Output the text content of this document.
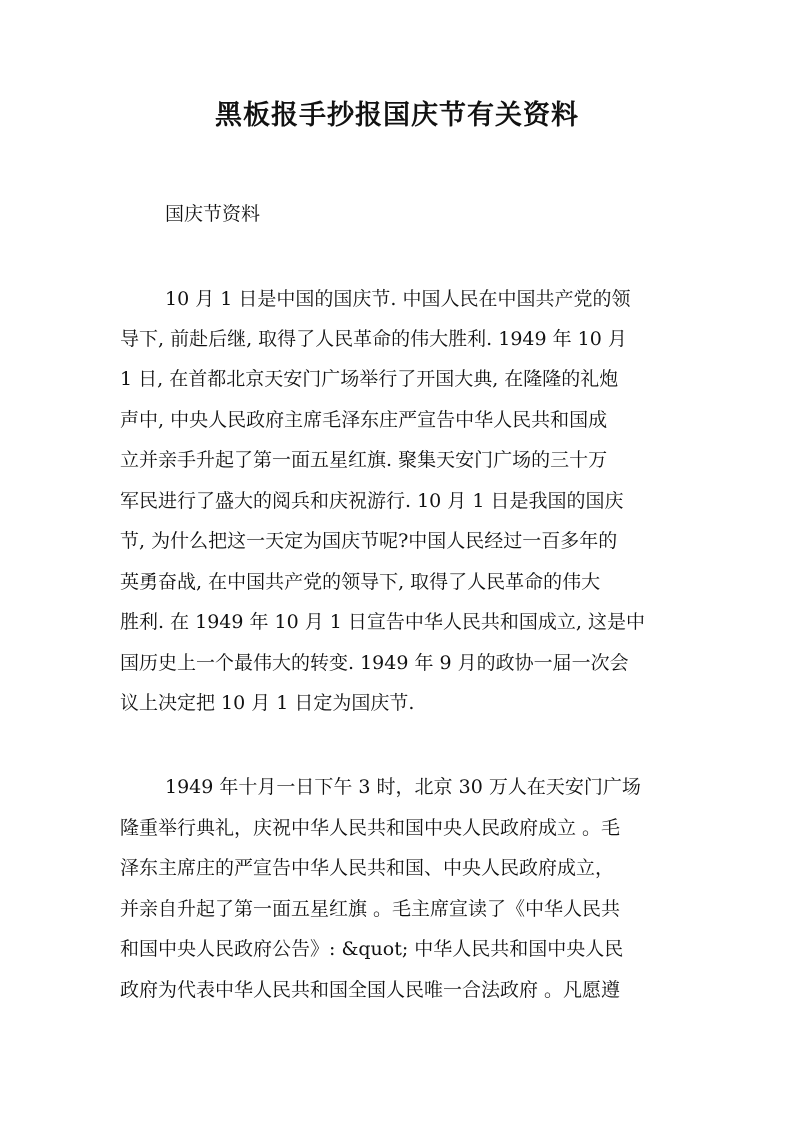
黑板报手抄报国庆节有关资料

国庆节资料

10 月 1 日是中国的国庆节. 中国人民在中国共产党的领

导下, 前赴后继, 取得了人民革命的伟大胜利. 1949 年 10 月

1 日, 在首都北京天安门广场举行了开国大典, 在隆隆的礼炮

声中, 中央人民政府主席毛泽东庄严宣告中华人民共和国成

立并亲手升起了第一面五星红旗. 聚集天安门广场的三十万

军民进行了盛大的阅兵和庆祝游行. 10 月 1 日是我国的国庆

节, 为什么把这一天定为国庆节呢?中国人民经过一百多年的

英勇奋战, 在中国共产党的领导下, 取得了人民革命的伟大

胜利. 在 1949 年 10 月 1 日宣告中华人民共和国成立, 这是中

国历史上一个最伟大的转变. 1949 年 9 月的政协一届一次会

议上决定把 10 月 1 日定为国庆节.

1949 年十月一日下午 3 时，北京 30 万人在天安门广场

隆重举行典礼，庆祝中华人民共和国中央人民政府成立 。毛

泽东主席庄的严宣告中华人民共和国、中央人民政府成立，

并亲自升起了第一面五星红旗 。毛主席宣读了《中华人民共

和国中央人民政府公告》: &quot; 中华人民共和国中央人民

政府为代表中华人民共和国全国人民唯一合法政府 。凡愿遵
